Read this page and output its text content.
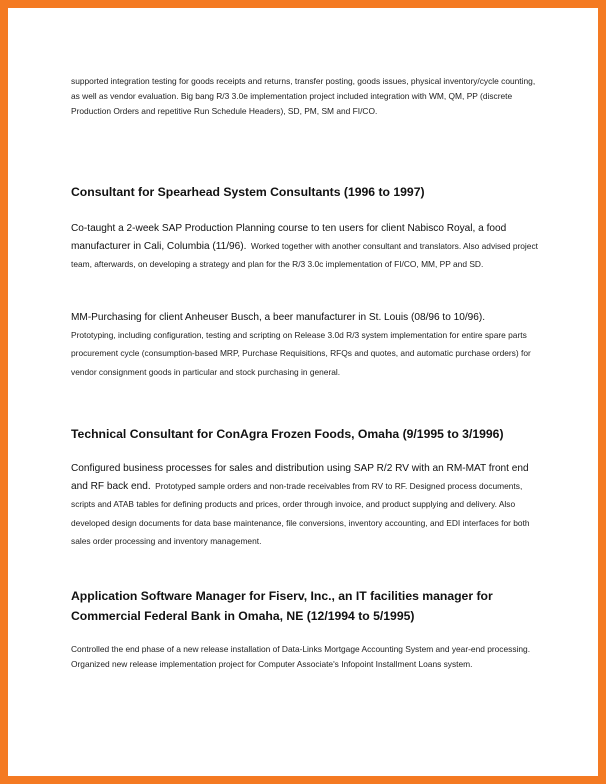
supported integration testing for goods receipts and returns, transfer posting, goods issues, physical inventory/cycle counting, as well as vendor evaluation. Big bang R/3 3.0e implementation project included integration with WM, QM, PP (discrete Production Orders and repetitive Run Schedule Headers), SD, PM, SM and FI/CO.

Consultant for Spearhead System Consultants (1996 to 1997)

Co-taught a 2-week SAP Production Planning course to ten users for client Nabisco Royal, a food manufacturer in Cali, Columbia (11/96). Worked together with another consultant and translators. Also advised project team, afterwards, on developing a strategy and plan for the R/3 3.0c implementation of FI/CO, MM, PP and SD.

MM-Purchasing for client Anheuser Busch, a beer manufacturer in St. Louis (08/96 to 10/96).
Prototyping, including configuration, testing and scripting on Release 3.0d R/3 system implementation for entire spare parts procurement cycle (consumption-based MRP, Purchase Requisitions, RFQs and quotes, and automatic purchase orders) for vendor consignment goods in particular and stock purchasing in general.

Technical Consultant for ConAgra Frozen Foods, Omaha (9/1995 to 3/1996)

Configured business processes for sales and distribution using SAP R/2 RV with an RM-MAT front end and RF back end. Prototyped sample orders and non-trade receivables from RV to RF. Designed process documents, scripts and ATAB tables for defining products and prices, order through invoice, and product supplying and delivery. Also developed design documents for data base maintenance, file conversions, inventory accounting, and EDI interfaces for both sales order processing and inventory management.

Application Software Manager for Fiserv, Inc., an IT facilities manager for Commercial Federal Bank in Omaha, NE (12/1994 to 5/1995)

Controlled the end phase of a new release installation of Data-Links Mortgage Accounting System and year-end processing. Organized new release implementation project for Computer Associate's Infopoint Installment Loans system.
